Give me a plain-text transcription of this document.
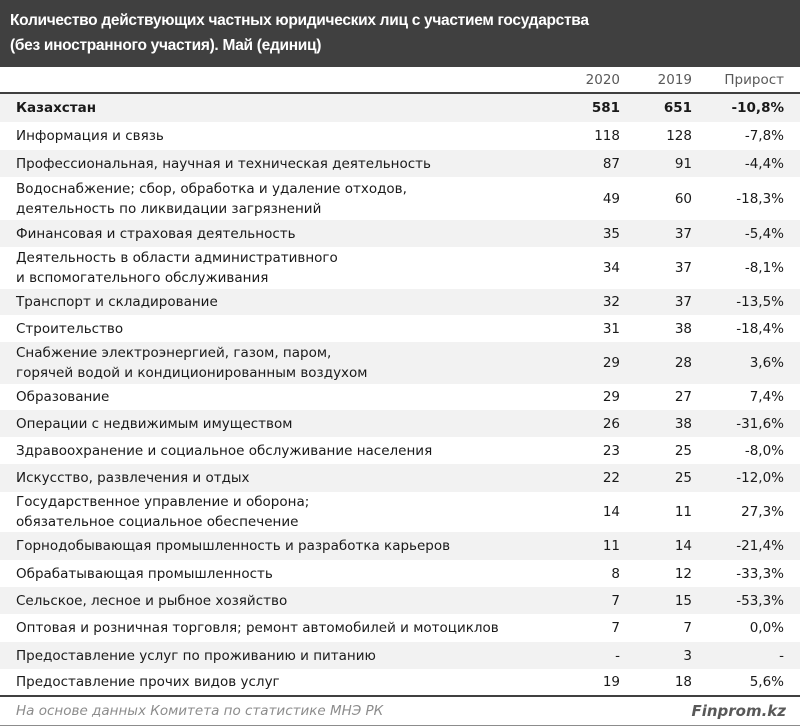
Количество действующих частных юридических лиц с участием государства
(без иностранного участия). Май (единиц)
2020	2019	Прирост
Казахстан	581	651	-10,8%
Информация и связь	118	128	-7,8%
Профессиональная, научная и техническая деятельность	87	91	-4,4%
Водоснабжение; сбор, обработка и удаление отходов,
деятельность по ликвидации загрязнений
49	60	-18,3%
Финансовая и страховая деятельность	35	37	-5,4%
Деятельность в области административного
и вспомогательного обслуживания
34	37	-8,1%
Транспорт и складирование	32	37	-13,5%
Строительство	31	38	-18,4%
Снабжение электроэнергией, газом, паром,
горячей водой и кондиционированным воздухом
29	28	3,6%
Образование	29	27	7,4%
Операции с недвижимым имуществом	26	38	-31,6%
Здравоохранение и социальное обслуживание населения	23	25	-8,0%
Искусство, развлечения и отдых	22	25	-12,0%
Государственное управление и оборона;
обязательное социальное обеспечение
14	11	27,3%
Горнодобывающая промышленность и разработка карьеров	11	14	-21,4%
Обрабатывающая промышленность	8	12	-33,3%
Сельское, лесное и рыбное хозяйство	7	15	-53,3%
Оптовая и розничная торговля; ремонт автомобилей и мотоциклов	7	7	0,0%
Предоставление услуг по проживанию и питанию	-	3	-
Предоставление прочих видов услуг	19	18	5,6%
На основе данных Комитета по статистике МНЭ РК	Finprom.kz
